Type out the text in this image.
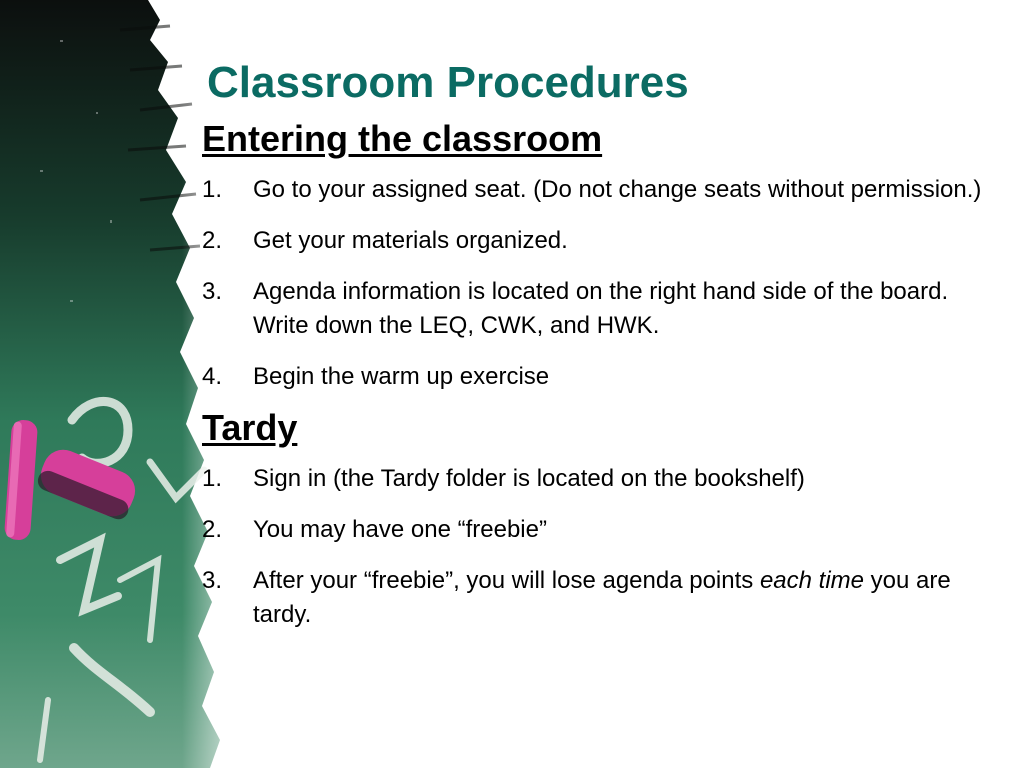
Classroom Procedures
Entering the classroom
1.	Go to your assigned seat. (Do not change seats without permission.)
2.	Get your materials organized.
3.	Agenda information is located on the right hand side of the board. Write down the LEQ, CWK, and HWK.
4.	Begin the warm up exercise
Tardy
1.	Sign in (the Tardy folder is located on the bookshelf)
2.	You may have one “freebie”
3.	After your “freebie”, you will lose agenda points each time you are tardy.
